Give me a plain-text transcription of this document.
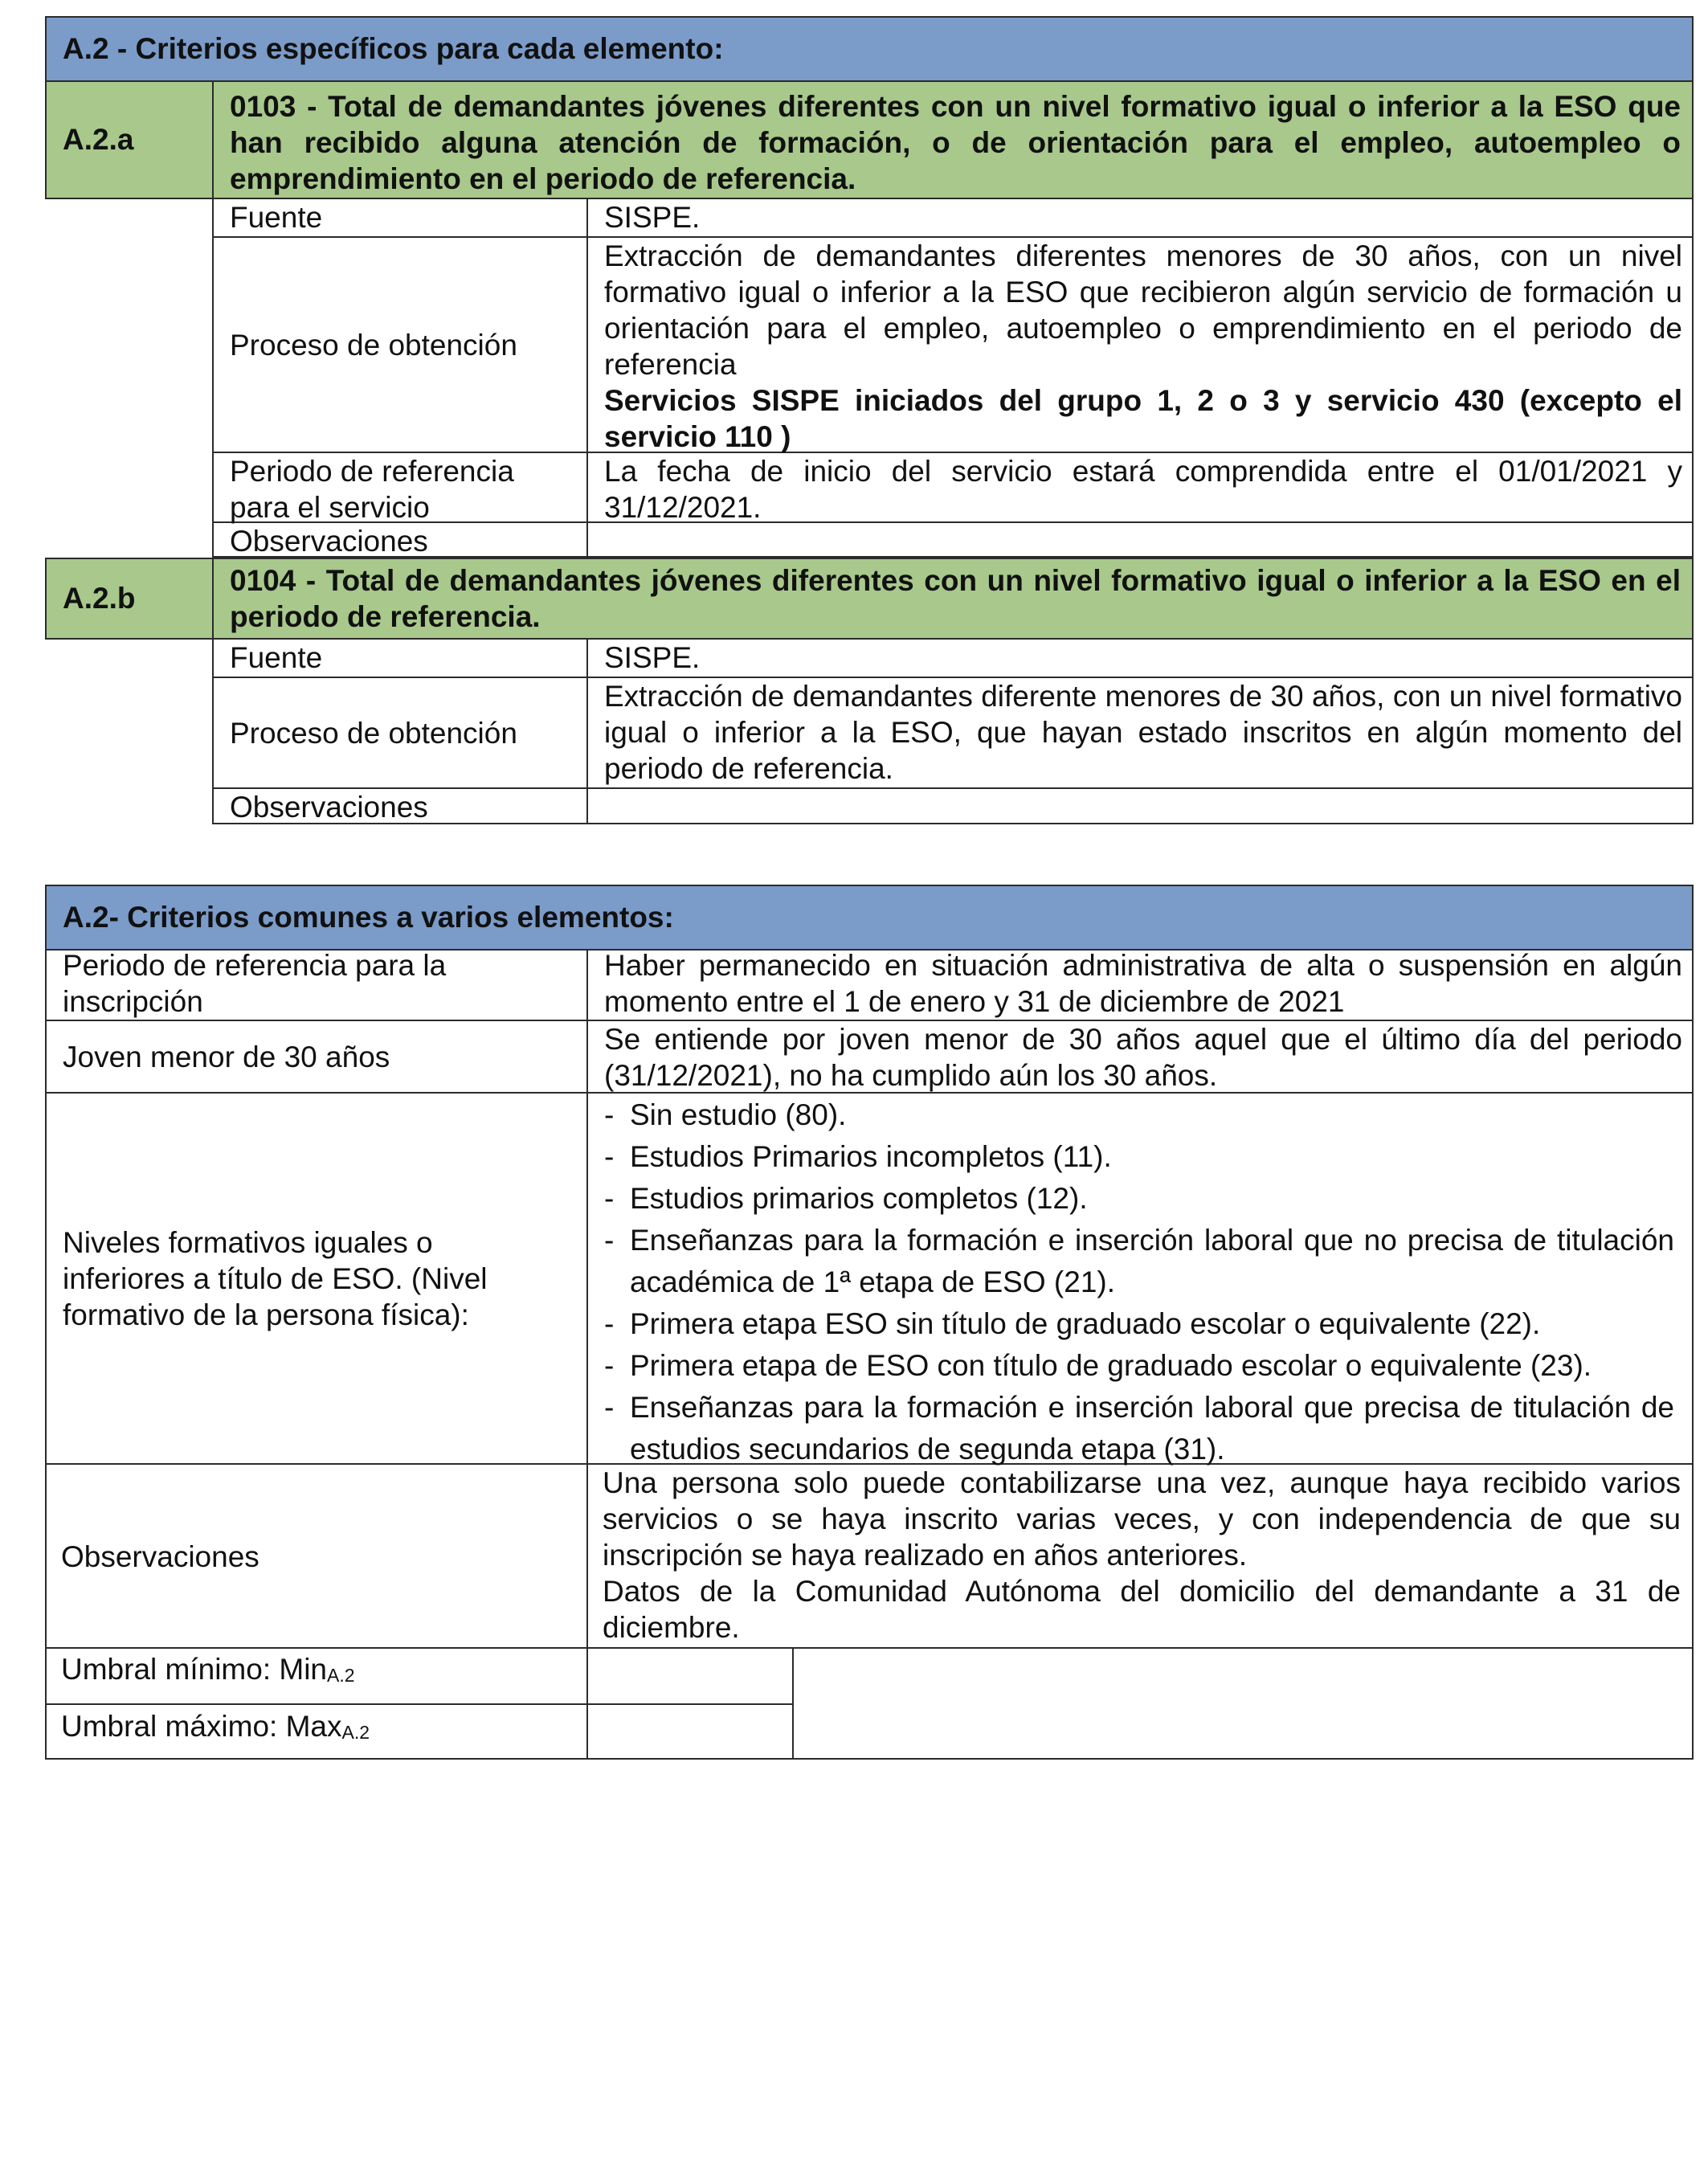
A.2 - Criterios específicos para cada elemento:
A.2.a
0103 - Total de demandantes jóvenes diferentes con un nivel formativo igual o inferior a la ESO que han recibido alguna atención de formación, o de orientación para el empleo, autoempleo o emprendimiento en el periodo de referencia.
Fuente	SISPE.
Proceso de obtención
Extracción de demandantes diferentes menores de 30 años, con un nivel formativo igual o inferior a la ESO que recibieron algún servicio de formación u orientación para el empleo, autoempleo o emprendimiento en el periodo de referencia
Servicios SISPE iniciados del grupo 1, 2 o 3 y servicio 430 (excepto el servicio 110 )
Periodo de referencia
para el servicio
La fecha de inicio del servicio estará comprendida entre el 01/01/2021 y 31/12/2021.
Observaciones
A.2.b
0104 - Total de demandantes jóvenes diferentes con un nivel formativo igual o inferior a la ESO en el periodo de referencia.
Fuente	SISPE.
Proceso de obtención
Extracción de demandantes diferente menores de 30 años, con un nivel formativo igual o inferior a la ESO, que hayan estado inscritos en algún momento del periodo de referencia.
Observaciones
A.2- Criterios comunes a varios elementos:
Periodo de referencia para la inscripción
Haber permanecido en situación administrativa de alta o suspensión en algún momento entre el 1 de enero y 31 de diciembre de 2021
Joven menor de 30 años
Se entiende por joven menor de 30 años aquel que el último día del periodo (31/12/2021), no ha cumplido aún los 30 años.
Niveles formativos iguales o inferiores a título de ESO. (Nivel formativo de la persona física):
- Sin estudio (80).
- Estudios Primarios incompletos (11).
- Estudios primarios completos (12).
- Enseñanzas para la formación e inserción laboral que no precisa de titulación académica de 1ª etapa de ESO (21).
- Primera etapa ESO sin título de graduado escolar o equivalente (22).
- Primera etapa de ESO con título de graduado escolar o equivalente (23).
- Enseñanzas para la formación e inserción laboral que precisa de titulación de estudios secundarios de segunda etapa (31).
Observaciones
Una persona solo puede contabilizarse una vez, aunque haya recibido varios servicios o se haya inscrito varias veces, y con independencia de que su inscripción se haya realizado en años anteriores.
Datos de la Comunidad Autónoma del domicilio del demandante a 31 de diciembre.
Umbral mínimo: Min$_{A.2}$
Umbral máximo: Max$_{A.2}$
